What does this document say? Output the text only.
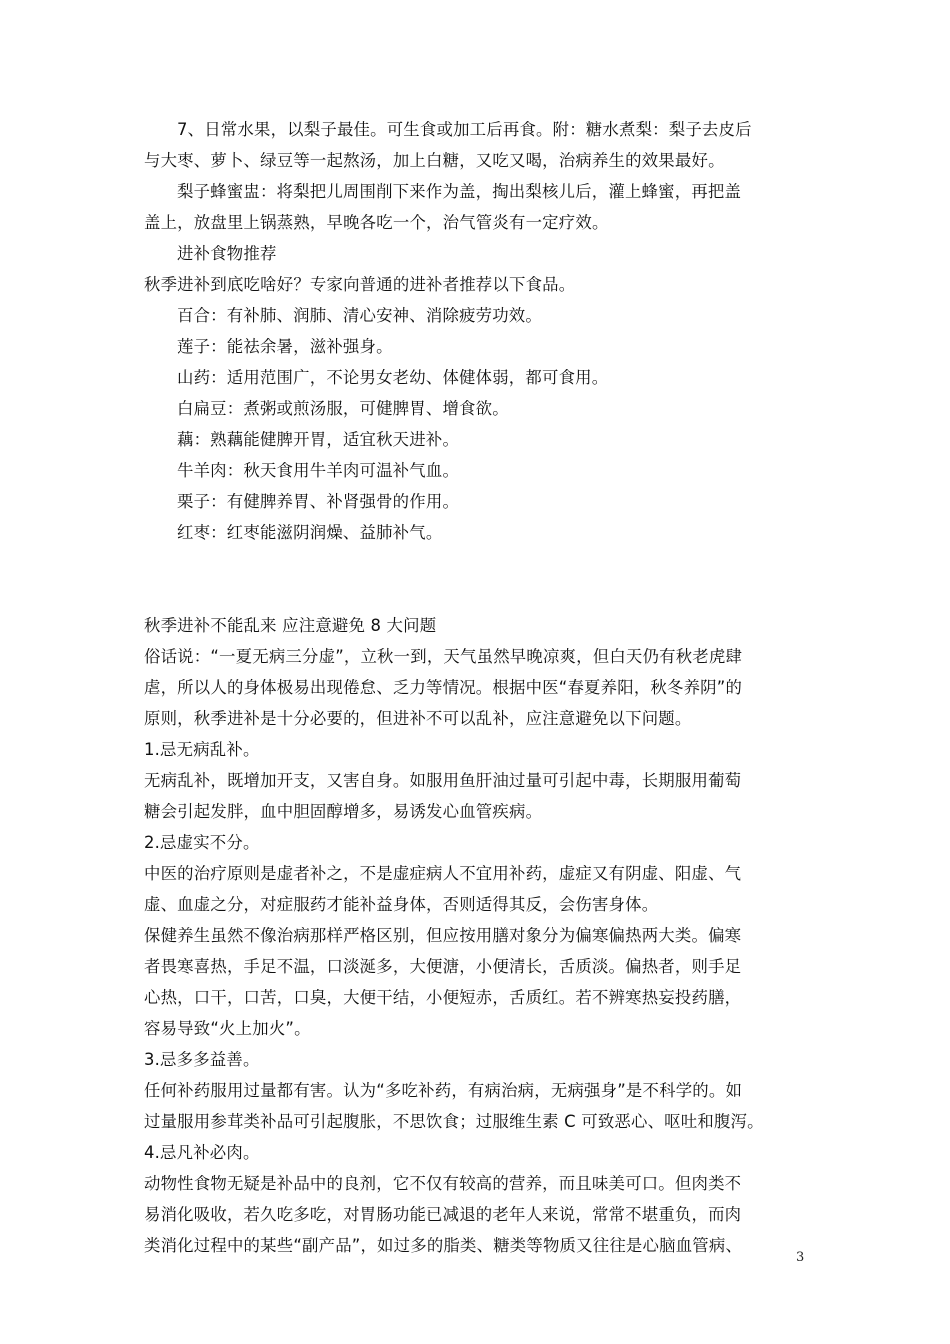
7、日常水果，以梨子最佳。可生食或加工后再食。附：糖水煮梨：梨子去皮后
与大枣、萝卜、绿豆等一起熬汤，加上白糖，又吃又喝，治病养生的效果最好。
梨子蜂蜜盅：将梨把儿周围削下来作为盖，掏出梨核儿后，灌上蜂蜜，再把盖
盖上，放盘里上锅蒸熟，早晚各吃一个，治气管炎有一定疗效。
进补食物推荐
秋季进补到底吃啥好？专家向普通的进补者推荐以下食品。
百合：有补肺、润肺、清心安神、消除疲劳功效。
莲子：能祛余暑，滋补强身。
山药：适用范围广，不论男女老幼、体健体弱，都可食用。
白扁豆：煮粥或煎汤服，可健脾胃、增食欲。
藕：熟藕能健脾开胃，适宜秋天进补。
牛羊肉：秋天食用牛羊肉可温补气血。
栗子：有健脾养胃、补肾强骨的作用。
红枣：红枣能滋阴润燥、益肺补气。
秋季进补不能乱来 应注意避免 8 大问题
俗话说：“一夏无病三分虚”，立秋一到，天气虽然早晚凉爽，但白天仍有秋老虎肆
虐，所以人的身体极易出现倦怠、乏力等情况。根据中医“春夏养阳，秋冬养阴”的
原则，秋季进补是十分必要的，但进补不可以乱补，应注意避免以下问题。
1.忌无病乱补。
无病乱补，既增加开支，又害自身。如服用鱼肝油过量可引起中毒，长期服用葡萄
糖会引起发胖，血中胆固醇增多，易诱发心血管疾病。
2.忌虚实不分。
中医的治疗原则是虚者补之，不是虚症病人不宜用补药，虚症又有阴虚、阳虚、气
虚、血虚之分，对症服药才能补益身体，否则适得其反，会伤害身体。
保健养生虽然不像治病那样严格区别，但应按用膳对象分为偏寒偏热两大类。偏寒
者畏寒喜热，手足不温，口淡涎多，大便溏，小便清长，舌质淡。偏热者，则手足
心热，口干，口苦，口臭，大便干结，小便短赤，舌质红。若不辨寒热妄投药膳，
容易导致“火上加火”。
3.忌多多益善。
任何补药服用过量都有害。认为“多吃补药，有病治病，无病强身”是不科学的。如
过量服用参茸类补品可引起腹胀，不思饮食；过服维生素 C 可致恶心、呕吐和腹泻。
4.忌凡补必肉。
动物性食物无疑是补品中的良剂，它不仅有较高的营养，而且味美可口。但肉类不
易消化吸收，若久吃多吃，对胃肠功能已减退的老年人来说，常常不堪重负，而肉
类消化过程中的某些“副产品”，如过多的脂类、糖类等物质又往往是心脑血管病、
3
